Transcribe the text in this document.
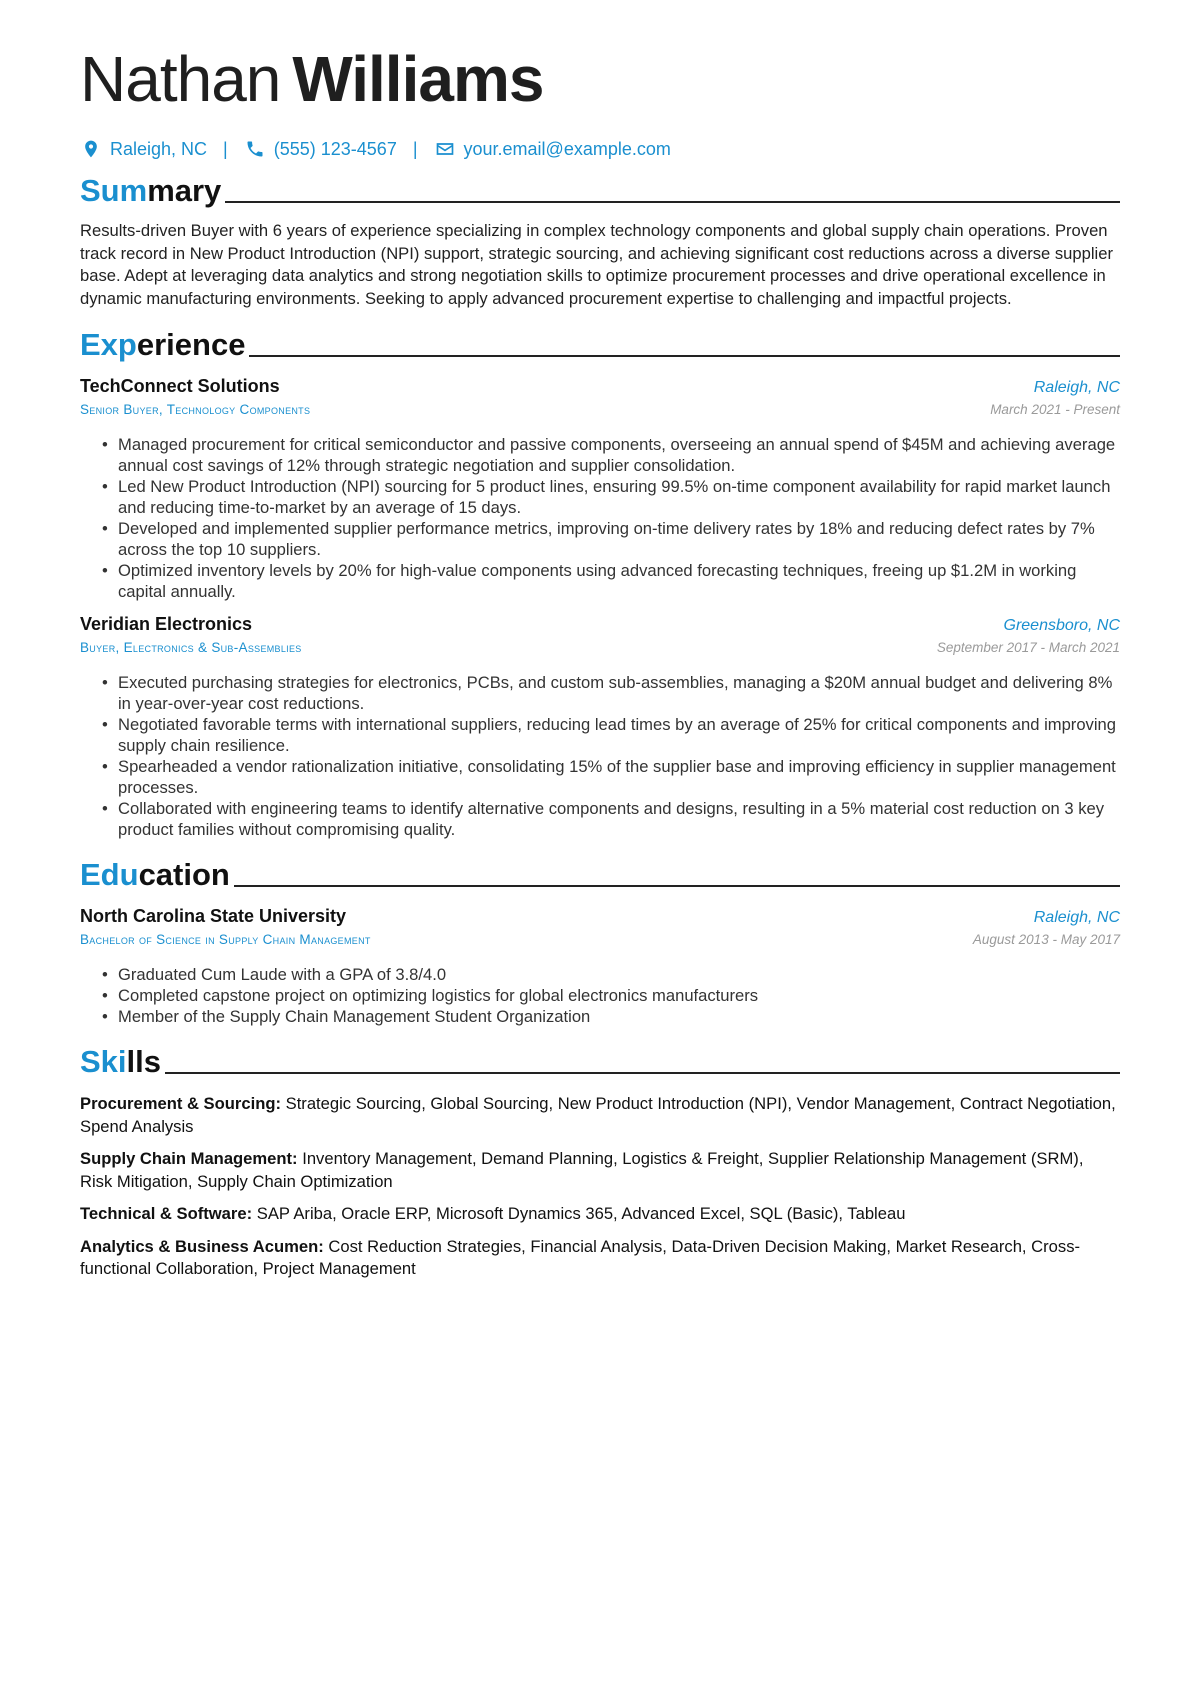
Nathan Williams
Raleigh, NC |	(555) 123-4567 |	your.email@example.com
Summary
Results-driven Buyer with 6 years of experience specializing in complex technology components and global supply chain operations. Proven track record in New Product Introduction (NPI) support, strategic sourcing, and achieving significant cost reductions across a diverse supplier base. Adept at leveraging data analytics and strong negotiation skills to optimize procurement processes and drive operational excellence in dynamic manufacturing environments. Seeking to apply advanced procurement expertise to challenging and impactful projects.
Experience
TechConnect Solutions	Raleigh, NC
Senior Buyer, Technology Components	March 2021 - Present
• Managed procurement for critical semiconductor and passive components, overseeing an annual spend of $45M and achieving average annual cost savings of 12% through strategic negotiation and supplier consolidation.
• Led New Product Introduction (NPI) sourcing for 5 product lines, ensuring 99.5% on-time component availability for rapid market launch and reducing time-to-market by an average of 15 days.
• Developed and implemented supplier performance metrics, improving on-time delivery rates by 18% and reducing defect rates by 7% across the top 10 suppliers.
• Optimized inventory levels by 20% for high-value components using advanced forecasting techniques, freeing up $1.2M in working capital annually.
Veridian Electronics	Greensboro, NC
Buyer, Electronics & Sub-Assemblies	September 2017 - March 2021
• Executed purchasing strategies for electronics, PCBs, and custom sub-assemblies, managing a $20M annual budget and delivering 8% in year-over-year cost reductions.
• Negotiated favorable terms with international suppliers, reducing lead times by an average of 25% for critical components and improving supply chain resilience.
• Spearheaded a vendor rationalization initiative, consolidating 15% of the supplier base and improving efficiency in supplier management processes.
• Collaborated with engineering teams to identify alternative components and designs, resulting in a 5% material cost reduction on 3 key product families without compromising quality.
Education
North Carolina State University	Raleigh, NC
Bachelor of Science in Supply Chain Management	August 2013 - May 2017
• Graduated Cum Laude with a GPA of 3.8/4.0
• Completed capstone project on optimizing logistics for global electronics manufacturers
• Member of the Supply Chain Management Student Organization
Skills
Procurement & Sourcing: Strategic Sourcing, Global Sourcing, New Product Introduction (NPI), Vendor Management, Contract Negotiation, Spend Analysis
Supply Chain Management: Inventory Management, Demand Planning, Logistics & Freight, Supplier Relationship Management (SRM), Risk Mitigation, Supply Chain Optimization
Technical & Software: SAP Ariba, Oracle ERP, Microsoft Dynamics 365, Advanced Excel, SQL (Basic), Tableau
Analytics & Business Acumen: Cost Reduction Strategies, Financial Analysis, Data-Driven Decision Making, Market Research, Cross-functional Collaboration, Project Management
